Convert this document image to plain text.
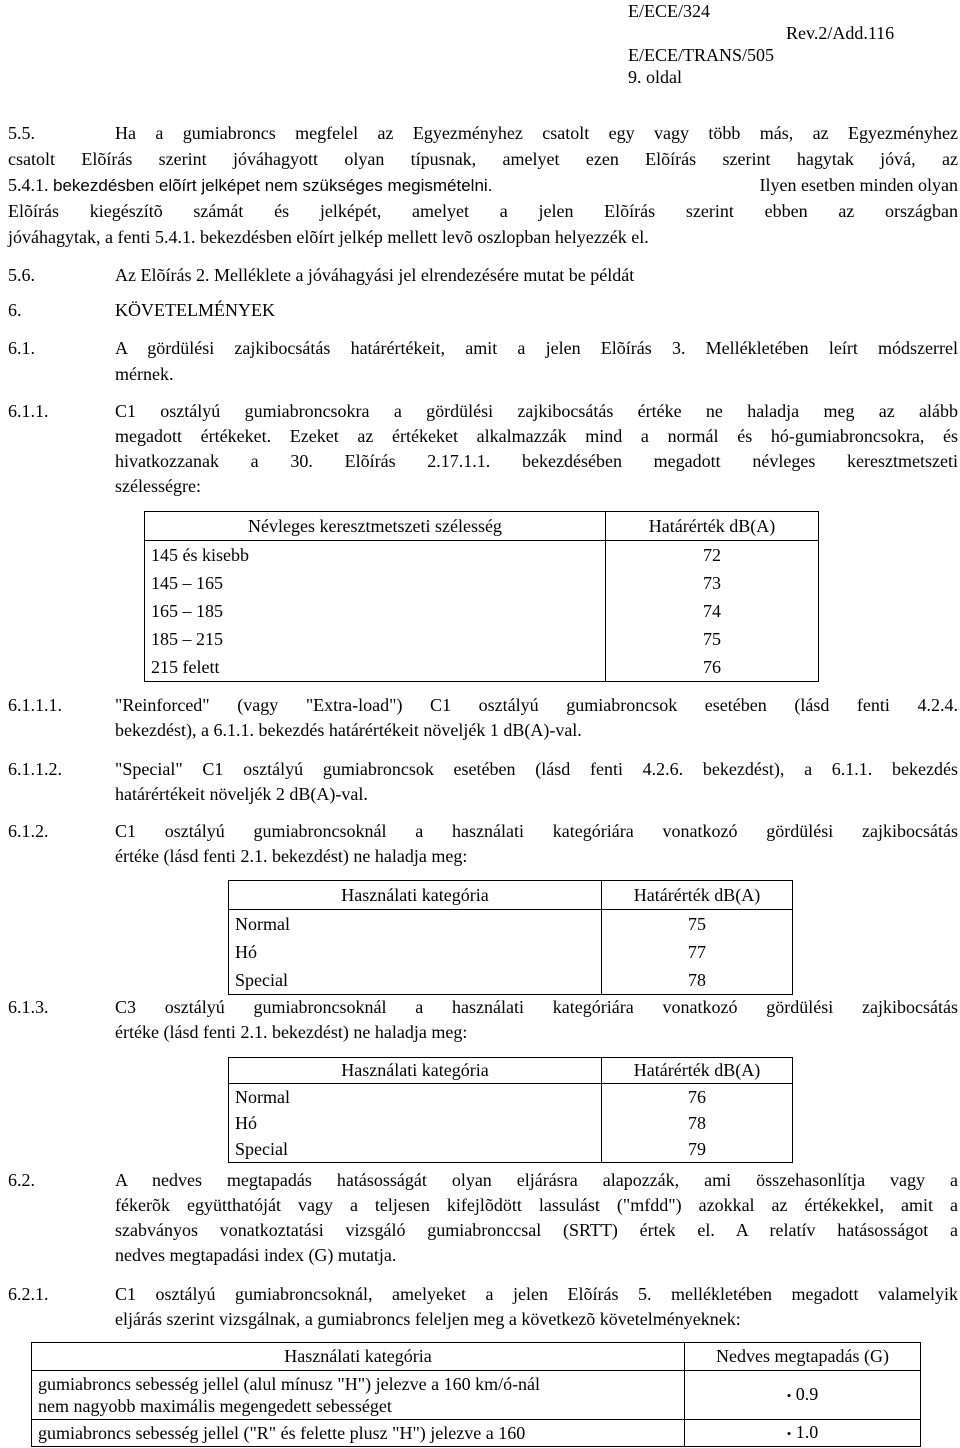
E/ECE/324
Rev.2/Add.116
E/ECE/TRANS/505
9. oldal
5.5.	Ha a gumiabroncs megfelel az Egyezményhez csatolt egy vagy több más, az Egyezményhez
csatolt Elõírás szerint jóváhagyott olyan típusnak, amelyet ezen Elõírás szerint hagytak jóvá, az
5.4.1. bekezdésben elõírt jelképet nem szükséges megismételni.	Ilyen esetben minden olyan
Elõírás kiegészítõ számát és jelképét, amelyet a jelen Elõírás szerint ebben az országban
jóváhagytak, a fenti 5.4.1. bekezdésben elõírt jelkép mellett levõ oszlopban helyezzék el.
5.6.	Az Elõírás 2. Melléklete a jóváhagyási jel elrendezésére mutat be példát
6.	KÖVETELMÉNYEK
6.1.	A gördülési zajkibocsátás határértékeit, amit a jelen Elõírás 3. Mellékletében leírt módszerrel
mérnek.
6.1.1.	C1 osztályú gumiabroncsokra a gördülési zajkibocsátás értéke ne haladja meg az alább
megadott értékeket. Ezeket az értékeket alkalmazzák mind a normál és hó-gumiabroncsokra, és
hivatkozzanak a 30. Elõírás 2.17.1.1. bekezdésében megadott névleges keresztmetszeti
szélességre:
Névleges keresztmetszeti szélesség	Határérték dB(A)
145 és kisebb	72
145 – 165	73
165 – 185	74
185 – 215	75
215 felett	76
6.1.1.1.	"Reinforced" (vagy "Extra-load") C1 osztályú gumiabroncsok esetében (lásd fenti 4.2.4.
bekezdést), a 6.1.1. bekezdés határértékeit növeljék 1 dB(A)-val.
6.1.1.2.	"Special" C1 osztályú gumiabroncsok esetében (lásd fenti 4.2.6. bekezdést), a 6.1.1. bekezdés
határértékeit növeljék 2 dB(A)-val.
6.1.2.	C1 osztályú gumiabroncsoknál a használati kategóriára vonatkozó gördülési zajkibocsátás
értéke (lásd fenti 2.1. bekezdést) ne haladja meg:
Használati kategória	Határérték dB(A)
Normal	75
Hó	77
Special	78
6.1.3.	C3 osztályú gumiabroncsoknál a használati kategóriára vonatkozó gördülési zajkibocsátás
értéke (lásd fenti 2.1. bekezdést) ne haladja meg:
Használati kategória	Határérték dB(A)
Normal	76
Hó	78
Special	79
6.2.	A nedves megtapadás hatásosságát olyan eljárásra alapozzák, ami összehasonlítja vagy a
fékerõk együtthatóját vagy a teljesen kifejlõdött lassulást ("mfdd") azokkal az értékekkel, amit a
szabványos vonatkoztatási vizsgáló gumiabronccsal (SRTT) értek el. A relatív hatásosságot a
nedves megtapadási index (G) mutatja.
6.2.1.	C1 osztályú gumiabroncsoknál, amelyeket a jelen Elõírás 5. mellékletében megadott valamelyik
eljárás szerint vizsgálnak, a gumiabroncs feleljen meg a következõ követelményeknek:
Használati kategória	Nedves megtapadás (G)

gumiabroncs sebesség jellel (alul mínusz "H") jelezve a 160 km/ó-nál
nem nagyobb maximális megengedett sebességet	• 0.9
gumiabroncs sebesség jellel ("R" és felette plusz "H") jelezve a 160	• 1.0
